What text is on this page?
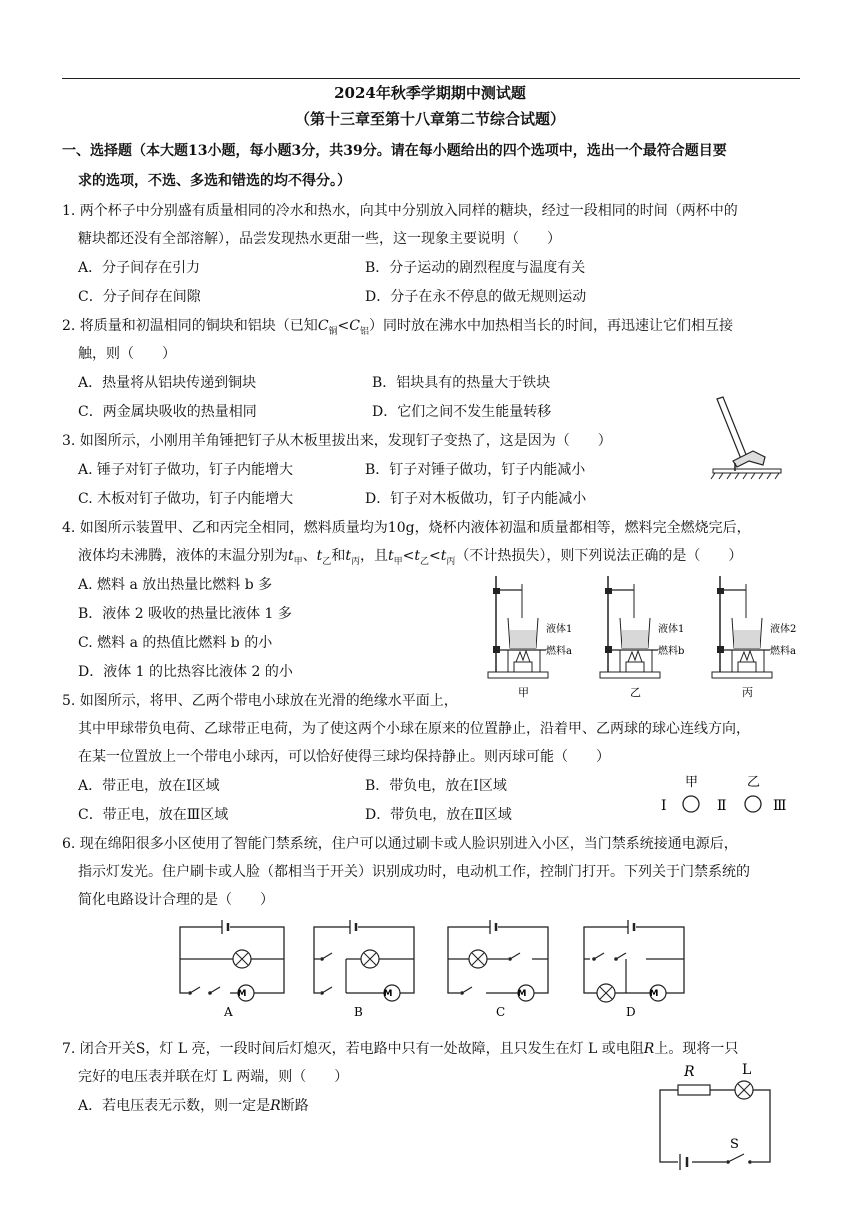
2024年秋季学期期中测试题
（第十三章至第十八章第二节综合试题）
一、选择题（本大题13小题，每小题3分，共39分。请在每小题给出的四个选项中，选出一个最符合题目要
求的选项，不选、多选和错选的均不得分。）
1. 两个杯子中分别盛有质量相同的冷水和热水，向其中分别放入同样的糖块，经过一段相同的时间（两杯中的
糖块都还没有全部溶解），品尝发现热水更甜一些，这一现象主要说明（　　）
A．分子间存在引力	B．分子运动的剧烈程度与温度有关
C．分子间存在间隙	D．分子在永不停息的做无规则运动
2. 将质量和初温相同的铜块和铝块（已知$C_铜<C_铝$）同时放在沸水中加热相当长的时间，再迅速让它们相互接
触，则（　　）
A．热量将从铝块传递到铜块	B．铝块具有的热量大于铁块
C．两金属块吸收的热量相同	D．它们之间不发生能量转移
3. 如图所示，小刚用羊角锤把钉子从木板里拔出来，发现钉子变热了，这是因为（　　）
A. 锤子对钉子做功，钉子内能增大	B．钉子对锤子做功，钉子内能减小
C. 木板对钉子做功，钉子内能增大	D．钉子对木板做功，钉子内能减小
4. 如图所示装置甲、乙和丙完全相同，燃料质量均为10g，烧杯内液体初温和质量都相等，燃料完全燃烧完后，
液体均未沸腾，液体的末温分别为$t_甲$、$t_乙$和$t_丙$，且$t_甲<t_乙<t_丙$（不计热损失），则下列说法正确的是（　　）
A. 燃料 a 放出热量比燃料 b 多
B．液体 2 吸收的热量比液体 1 多
C. 燃料 a 的热值比燃料 b 的小
D．液体 1 的比热容比液体 2 的小
液体1
燃料a
液体1
燃料b
液体2
燃料a
甲	乙	丙
5. 如图所示，将甲、乙两个带电小球放在光滑的绝缘水平面上，
其中甲球带负电荷、乙球带正电荷，为了使这两个小球在原来的位置静止，沿着甲、乙两球的球心连线方向，
在某一位置放上一个带电小球丙，可以恰好使得三球均保持静止。则丙球可能（　　）
A．带正电，放在Ⅰ区域	B．带负电，放在Ⅰ区域
C．带正电，放在Ⅲ区域	D．带负电，放在Ⅱ区域
甲	乙
Ⅰ	Ⅱ	Ⅲ
6. 现在绵阳很多小区使用了智能门禁系统，住户可以通过刷卡或人脸识别进入小区，当门禁系统接通电源后，
指示灯发光。住户刷卡或人脸（都相当于开关）识别成功时，电动机工作，控制门打开。下列关于门禁系统的
简化电路设计合理的是（　　）
M
A
M
B
M
C
M
D
7. 闭合开关S，灯 L 亮，一段时间后灯熄灭，若电路中只有一处故障，且只发生在灯 L 或电阻R上。现将一只
完好的电压表并联在灯 L 两端，则（　　）
A．若电压表无示数，则一定是R断路
R	L
S
